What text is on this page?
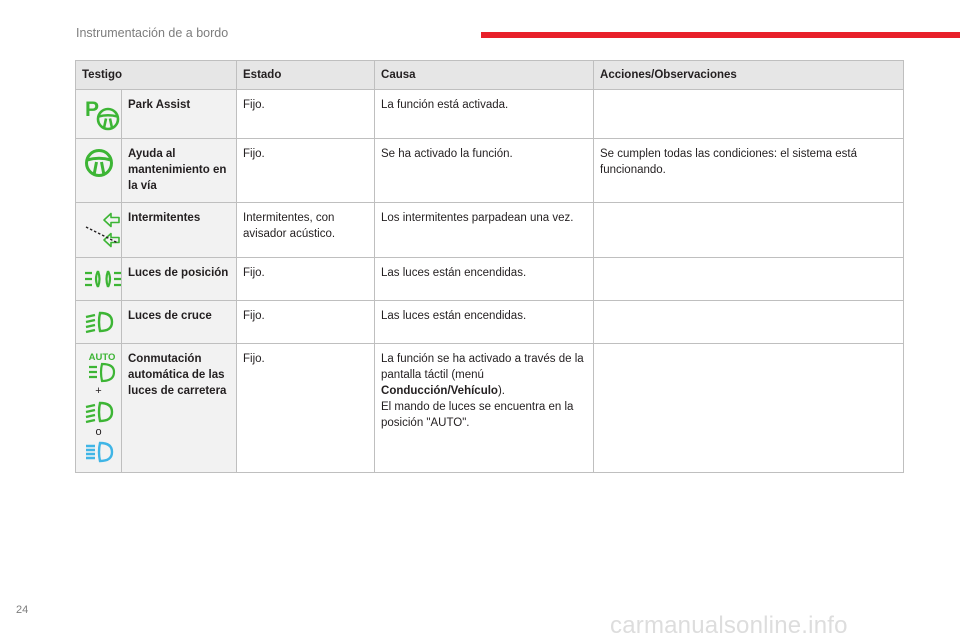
Instrumentación de a bordo
Testigo		Estado	Causa	Acciones/Observaciones

P	Park Assist	Fijo.	La función está activada.	

	Ayuda al mantenimiento en la vía	Fijo.	Se ha activado la función.	Se cumplen todas las condiciones: el sistema está funcionando.

	Intermitentes	Intermitentes, con avisador acústico.	Los intermitentes parpadean una vez.	

	Luces de posición	Fijo.	Las luces están encendidas.	

	Luces de cruce	Fijo.	Las luces están encendidas.	

AUTO
+
o	Conmutación automática de las luces de carretera	Fijo.	La función se ha activado a través de la pantalla táctil (menú Conducción/Vehículo).
El mando de luces se encuentra en la posición "AUTO".	
24
carmanualsonline.info
